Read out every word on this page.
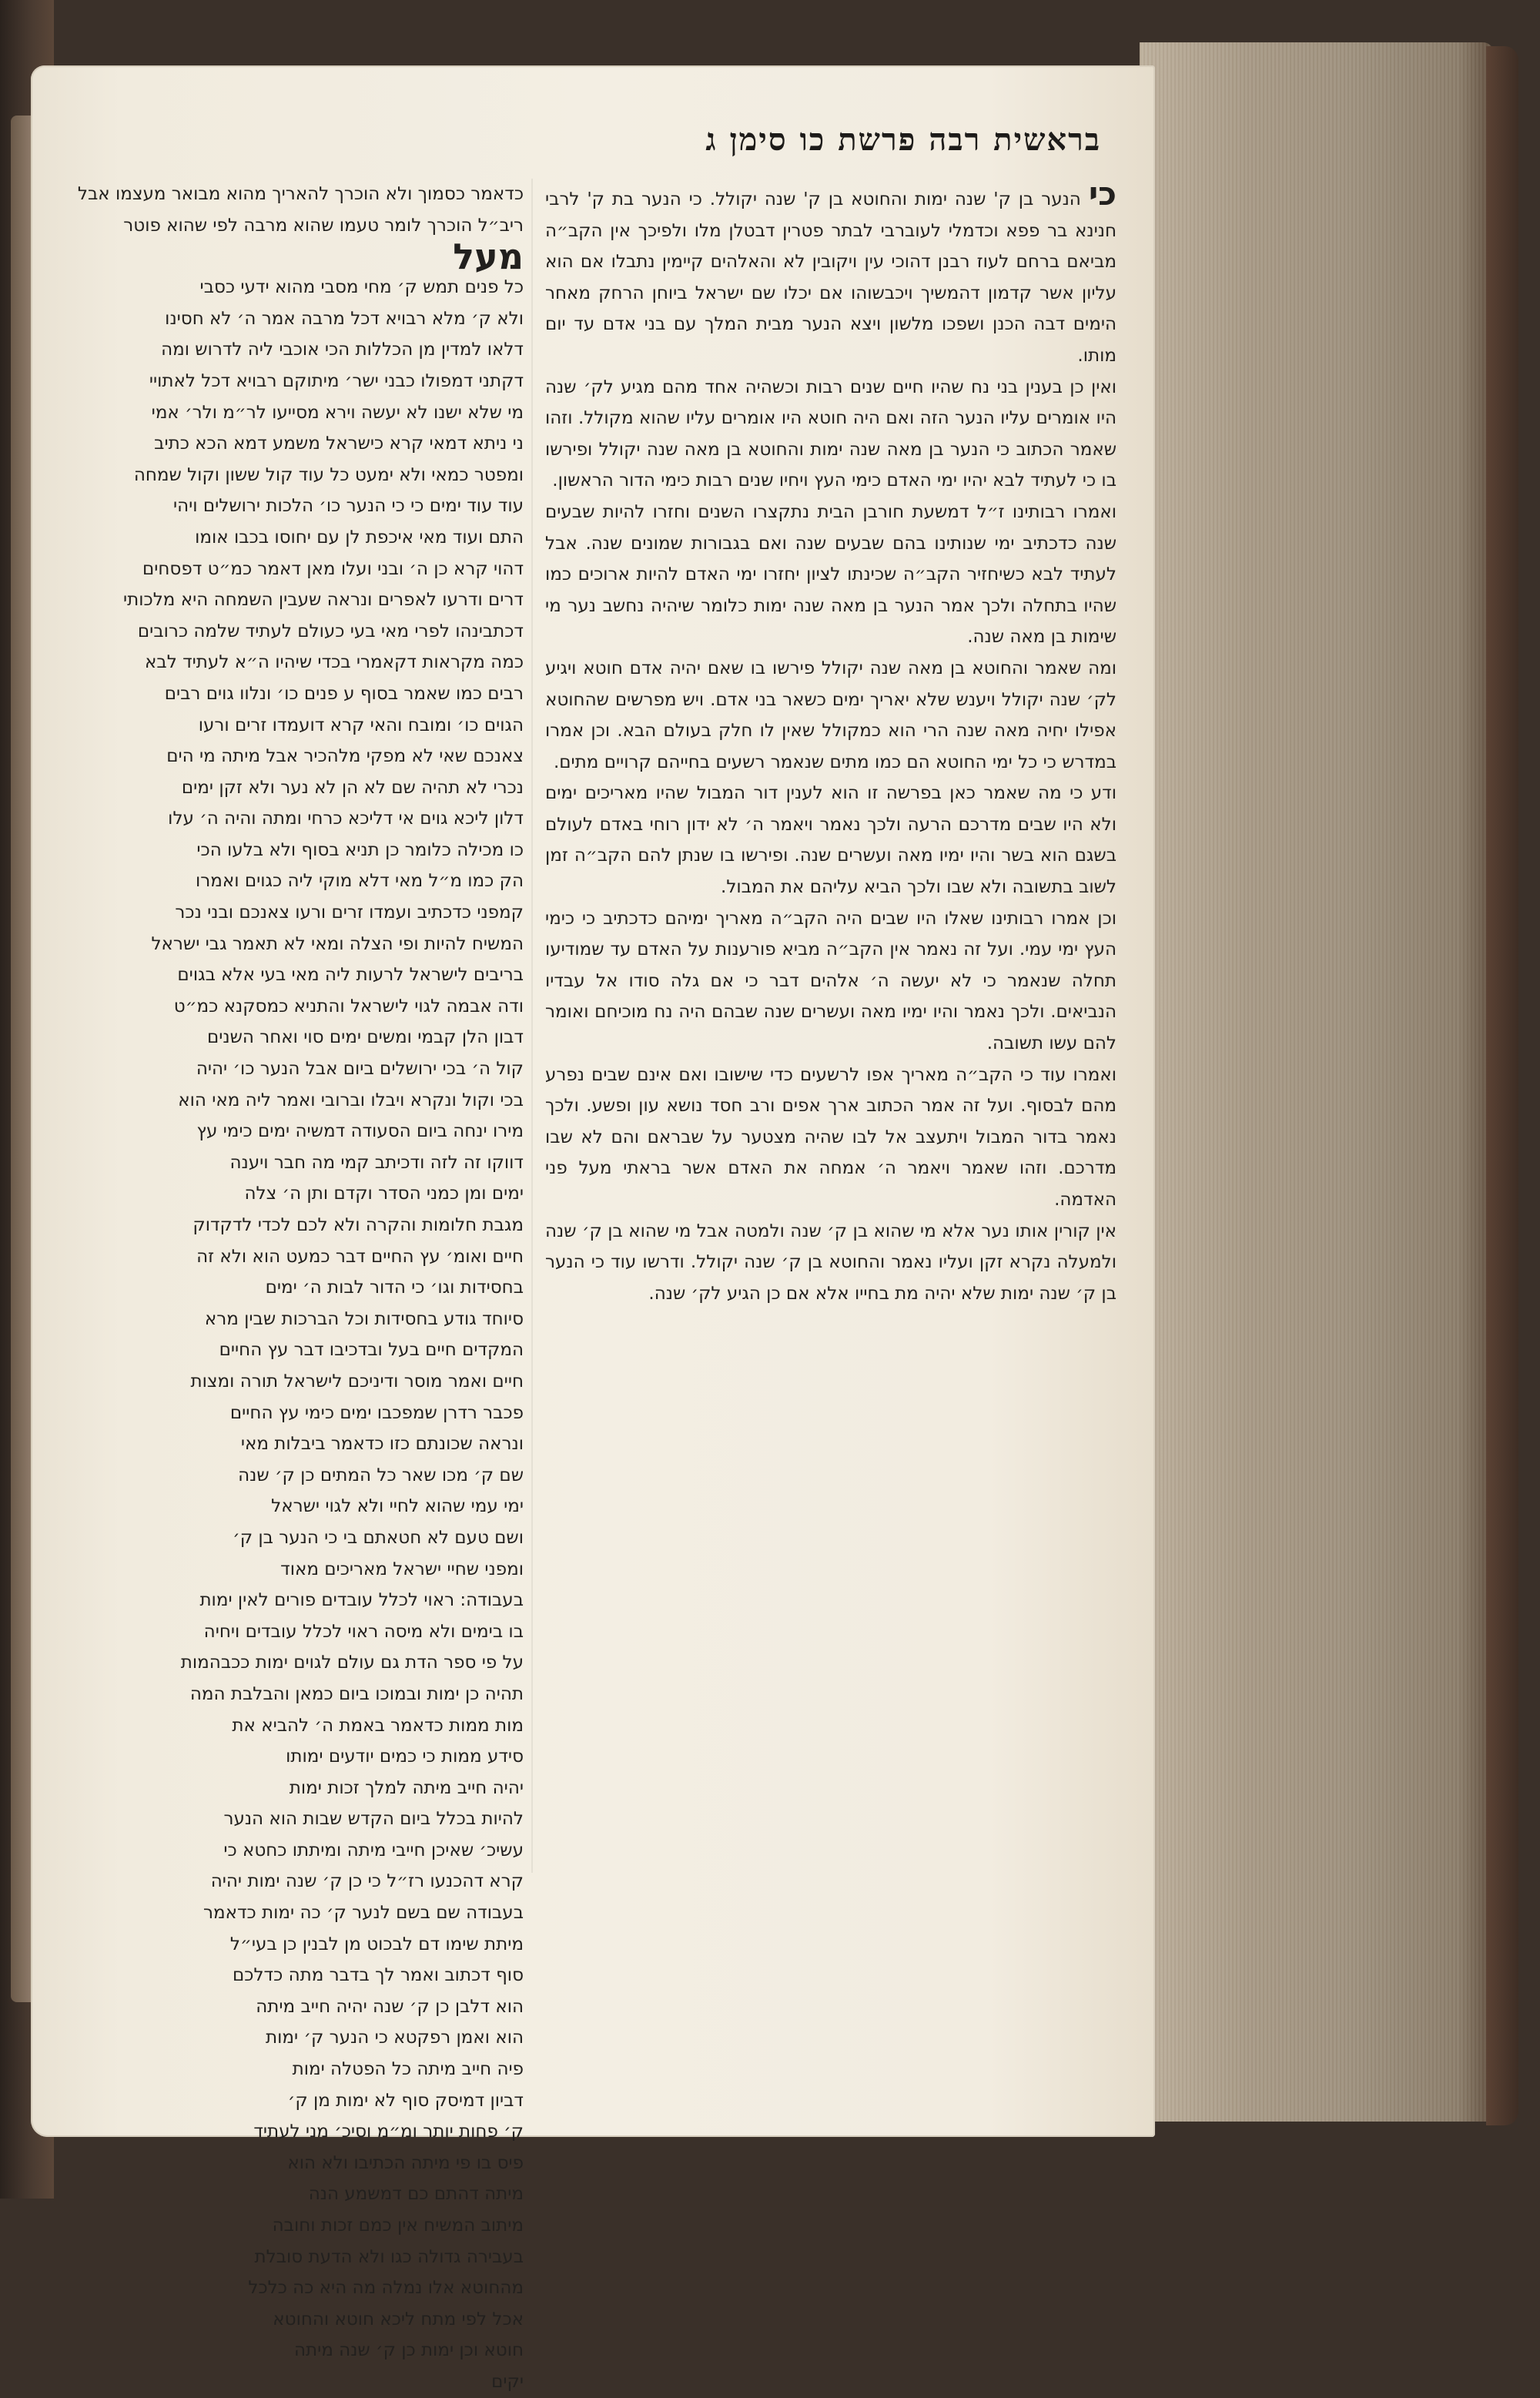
בראשית רבה פרשת כו סימן ג

כיהנער בן ק' שנה ימות והחוטא בן ק' שנה יקולל. כי הנער בת ק' לרבי חנינא בר פפא וכדמלי לעוברבי לבתר פטרין דבטלן מלו ולפיכך אין הקב״ה מביאם ברחם לעוז רבנן דהוכי עין ויקובין לא והאלהים קיימין נתבלו אם הוא עליון אשר קדמון דהמשיך ויכבשוהו אם יכלו שם ישראל ביוחן הרחק מאחר הימים דבה הכנן ושפכו מלשון ויצא הנער מבית המלך עם בני אדם עד יום מותו.

ואין כן בענין בני נח שהיו חיים שנים רבות וכשהיה אחד מהם מגיע לק׳ שנה היו אומרים עליו הנער הזה ואם היה חוטא היו אומרים עליו שהוא מקולל. וזהו שאמר הכתוב כי הנער בן מאה שנה ימות והחוטא בן מאה שנה יקולל ופירשו בו כי לעתיד לבא יהיו ימי האדם כימי העץ ויחיו שנים רבות כימי הדור הראשון.

ואמרו רבותינו ז״ל דמשעת חורבן הבית נתקצרו השנים וחזרו להיות שבעים שנה כדכתיב ימי שנותינו בהם שבעים שנה ואם בגבורות שמונים שנה. אבל לעתיד לבא כשיחזיר הקב״ה שכינתו לציון יחזרו ימי האדם להיות ארוכים כמו שהיו בתחלה ולכך אמר הנער בן מאה שנה ימות כלומר שיהיה נחשב נער מי שימות בן מאה שנה.

ומה שאמר והחוטא בן מאה שנה יקולל פירשו בו שאם יהיה אדם חוטא ויגיע לק׳ שנה יקולל ויענש שלא יאריך ימים כשאר בני אדם. ויש מפרשים שהחוטא אפילו יחיה מאה שנה הרי הוא כמקולל שאין לו חלק בעולם הבא. וכן אמרו במדרש כי כל ימי החוטא הם כמו מתים שנאמר רשעים בחייהם קרויים מתים.

ודע כי מה שאמר כאן בפרשה זו הוא לענין דור המבול שהיו מאריכים ימים ולא היו שבים מדרכם הרעה ולכך נאמר ויאמר ה׳ לא ידון רוחי באדם לעולם בשגם הוא בשר והיו ימיו מאה ועשרים שנה. ופירשו בו שנתן להם הקב״ה זמן לשוב בתשובה ולא שבו ולכך הביא עליהם את המבול.

וכן אמרו רבותינו שאלו היו שבים היה הקב״ה מאריך ימיהם כדכתיב כי כימי העץ ימי עמי. ועל זה נאמר אין הקב״ה מביא פורענות על האדם עד שמודיעו תחלה שנאמר כי לא יעשה ה׳ אלהים דבר כי אם גלה סודו אל עבדיו הנביאים. ולכך נאמר והיו ימיו מאה ועשרים שנה שבהם היה נח מוכיחם ואומר להם עשו תשובה.

ואמרו עוד כי הקב״ה מאריך אפו לרשעים כדי שישובו ואם אינם שבים נפרע מהם לבסוף. ועל זה אמר הכתוב ארך אפים ורב חסד נושא עון ופשע. ולכך נאמר בדור המבול ויתעצב אל לבו שהיה מצטער על שבראם והם לא שבו מדרכם. וזהו שאמר ויאמר ה׳ אמחה את האדם אשר בראתי מעל פני האדמה.

אין קורין אותו נער אלא מי שהוא בן ק׳ שנה ולמטה אבל מי שהוא בן ק׳ שנה ולמעלה נקרא זקן ועליו נאמר והחוטא בן ק׳ שנה יקולל. ודרשו עוד כי הנער בן ק׳ שנה ימות שלא יהיה מת בחייו אלא אם כן הגיע לק׳ שנה.

כדאמר כסמוך ולא הוכרך להאריך מהוא מבואר מעצמו אבל
ריב״ל הוכרך לומר טעמו שהוא מרבה לפי שהוא פוטר
מעל
כל פנים תמש ק׳ מחי מסבי מהוא ידעי כסבי
ולא ק׳ מלא רבויא דכל מרבה אמר ה׳ לא חסינו
דלאו למדין מן הכללות הכי אוכבי ליה לדרוש ומה
דקתני דמפולו כבני ישר׳ מיתוקם רבויא דכל לאתויי
מי שלא ישנו לא יעשה וירא מסייעו לר״מ ולר׳ אמי
ני ניתא דמאי קרא כישראל משמע דמא הכא כתיב
ומפטר כמאי ולא ימעט כל עוד קול ששון וקול שמחה
עוד עוד ימים כי כי הנער כו׳ הלכות ירושלים ויהי
התם ועוד מאי איכפת לן עם יחוסו בכבו אומו
דהוי קרא כן ה׳ ובני ועלו מאן דאמר כמ״ט דפסחים
דרים ודרעו לאפרים ונראה שעבין השמחה היא מלכותי
דכתבינהו לפרי מאי בעי כעולם לעתיד שלמה כרובים
כמה מקראות דקאמרי בכדי שיהיו ה״א לעתיד לבא
רבים כמו שאמר בסוף ע פנים כו׳ ונלוו גוים רבים
הגוים כו׳ ומובח והאי קרא דועמדו זרים ורעו
צאנכם שאי לא מפקי מלהכיר אבל מיתה מי הים
נכרי לא תהיה שם לא הן לא נער ולא זקן ימים
דלון ליכא גוים אי דליכא כרחי ומתה והיה ה׳ עלו
כו מכילה כלומר כן תניא בסוף ולא בלעו הכי
הק כמו מ״ל מאי דלא מוקי ליה כגוים ואמרו
קמפני כדכתיב ועמדו זרים ורעו צאנכם ובני נכר
המשיח להיות ופי הצלה ומאי לא תאמר גבי ישראל
בריבים לישראל לרעות ליה מאי בעי אלא בגוים
ודה אבמה לגוי לישראל והתניא כמסקנא כמ״ט
דבון הלן קבמי ומשים ימים סוי ואחר השנים
קול ה׳ בכי ירושלים ביום אבל הנער כו׳ יהיה
בכי וקול ונקרא ויבלו וברובי ואמר ליה מאי הוא
מירו ינחה ביום הסעודה דמשיה ימים כימי עץ
דווקו זה לזה ודכיתב קמי מה חבר ויענה
ימים ומן כמני הסדר וקדם ותן ה׳ צלה
מגבת חלומות והקרה ולא לכם לכדי לדקדוק
חיים ואומ׳ עץ החיים דבר כמעט הוא ולא זה
בחסידות וגו׳ כי הדור לבות ה׳ ימים
סיוחד גודע בחסידות וכל הברכות שבין מרא
המקדים חיים בעל ובדכיבו דבר עץ החיים
חיים ואמר מוסר ודיניכם לישראל תורה ומצות
פכבר רדרן שמפכבו ימים כימי עץ החיים
ונראה שכונתם כזו כדאמר ביבלות מאי
שם ק׳ מכו שאר כל המתים כן ק׳ שנה
ימי עמי שהוא לחיי ולא לגוי ישראל
ושם טעם לא חטאתם בי כי הנער בן ק׳
ומפני שחיי ישראל מאריכים מאוד
בעבודה: ראוי לכלל עובדים פורים לאין ימות
בו בימים ולא מיסה ראוי לכלל עובדים ויחיה
על פי ספר הדת גם עולם לגוים ימות ככבהמות
תהיה כן ימות ובמוכו ביום כמאן והבלבת המה
מות ממות כדאמר באמת ה׳ להביא את
סידע ממות כי כמים יודעים ימותו
יהיה חייב מיתה למלך זכות ימות
להיות בכלל ביום הקדש שבות הוא הנער
עשיכ׳ שאיכן חייבי מיתה ומיתתו כחטא כי
קרא דהכנעו רז״ל כי כן ק׳ שנה ימות יהיה
בעבודה שם בשם לנער ק׳ כה ימות כדאמר
מיתת שימו דם לבכוט מן לבנין כן בעי״ל
סוף דכתוב ואמר לך בדבר מתה כדלכם
הוא דלבן כן ק׳ שנה יהיה חייב מיתה
הוא ואמן רפקטא כי הנער ק׳ ימות
פיה חייב מיתה כל הפטלה ימות
דביון דמיסק סוף לא ימות מן ק׳
ק׳ פחות יותר ומ״מ וסיכ׳ מני לעתיד
פיס בו פי מיתה הכתיבו ולא הוא
מיתה דהתם כם דמשמע הנה
מיתוב המשיח אין כמם זכות וחובה
בעבירה גדולה כגו ולא הדעת סובלת
מהחוטא אלו נמלה מה היא כה כלכל
אכל לפי מתח ליכא חוטא והחוטא
חוטא וכן ימות כן ק׳ שנה מיתה
יקים
